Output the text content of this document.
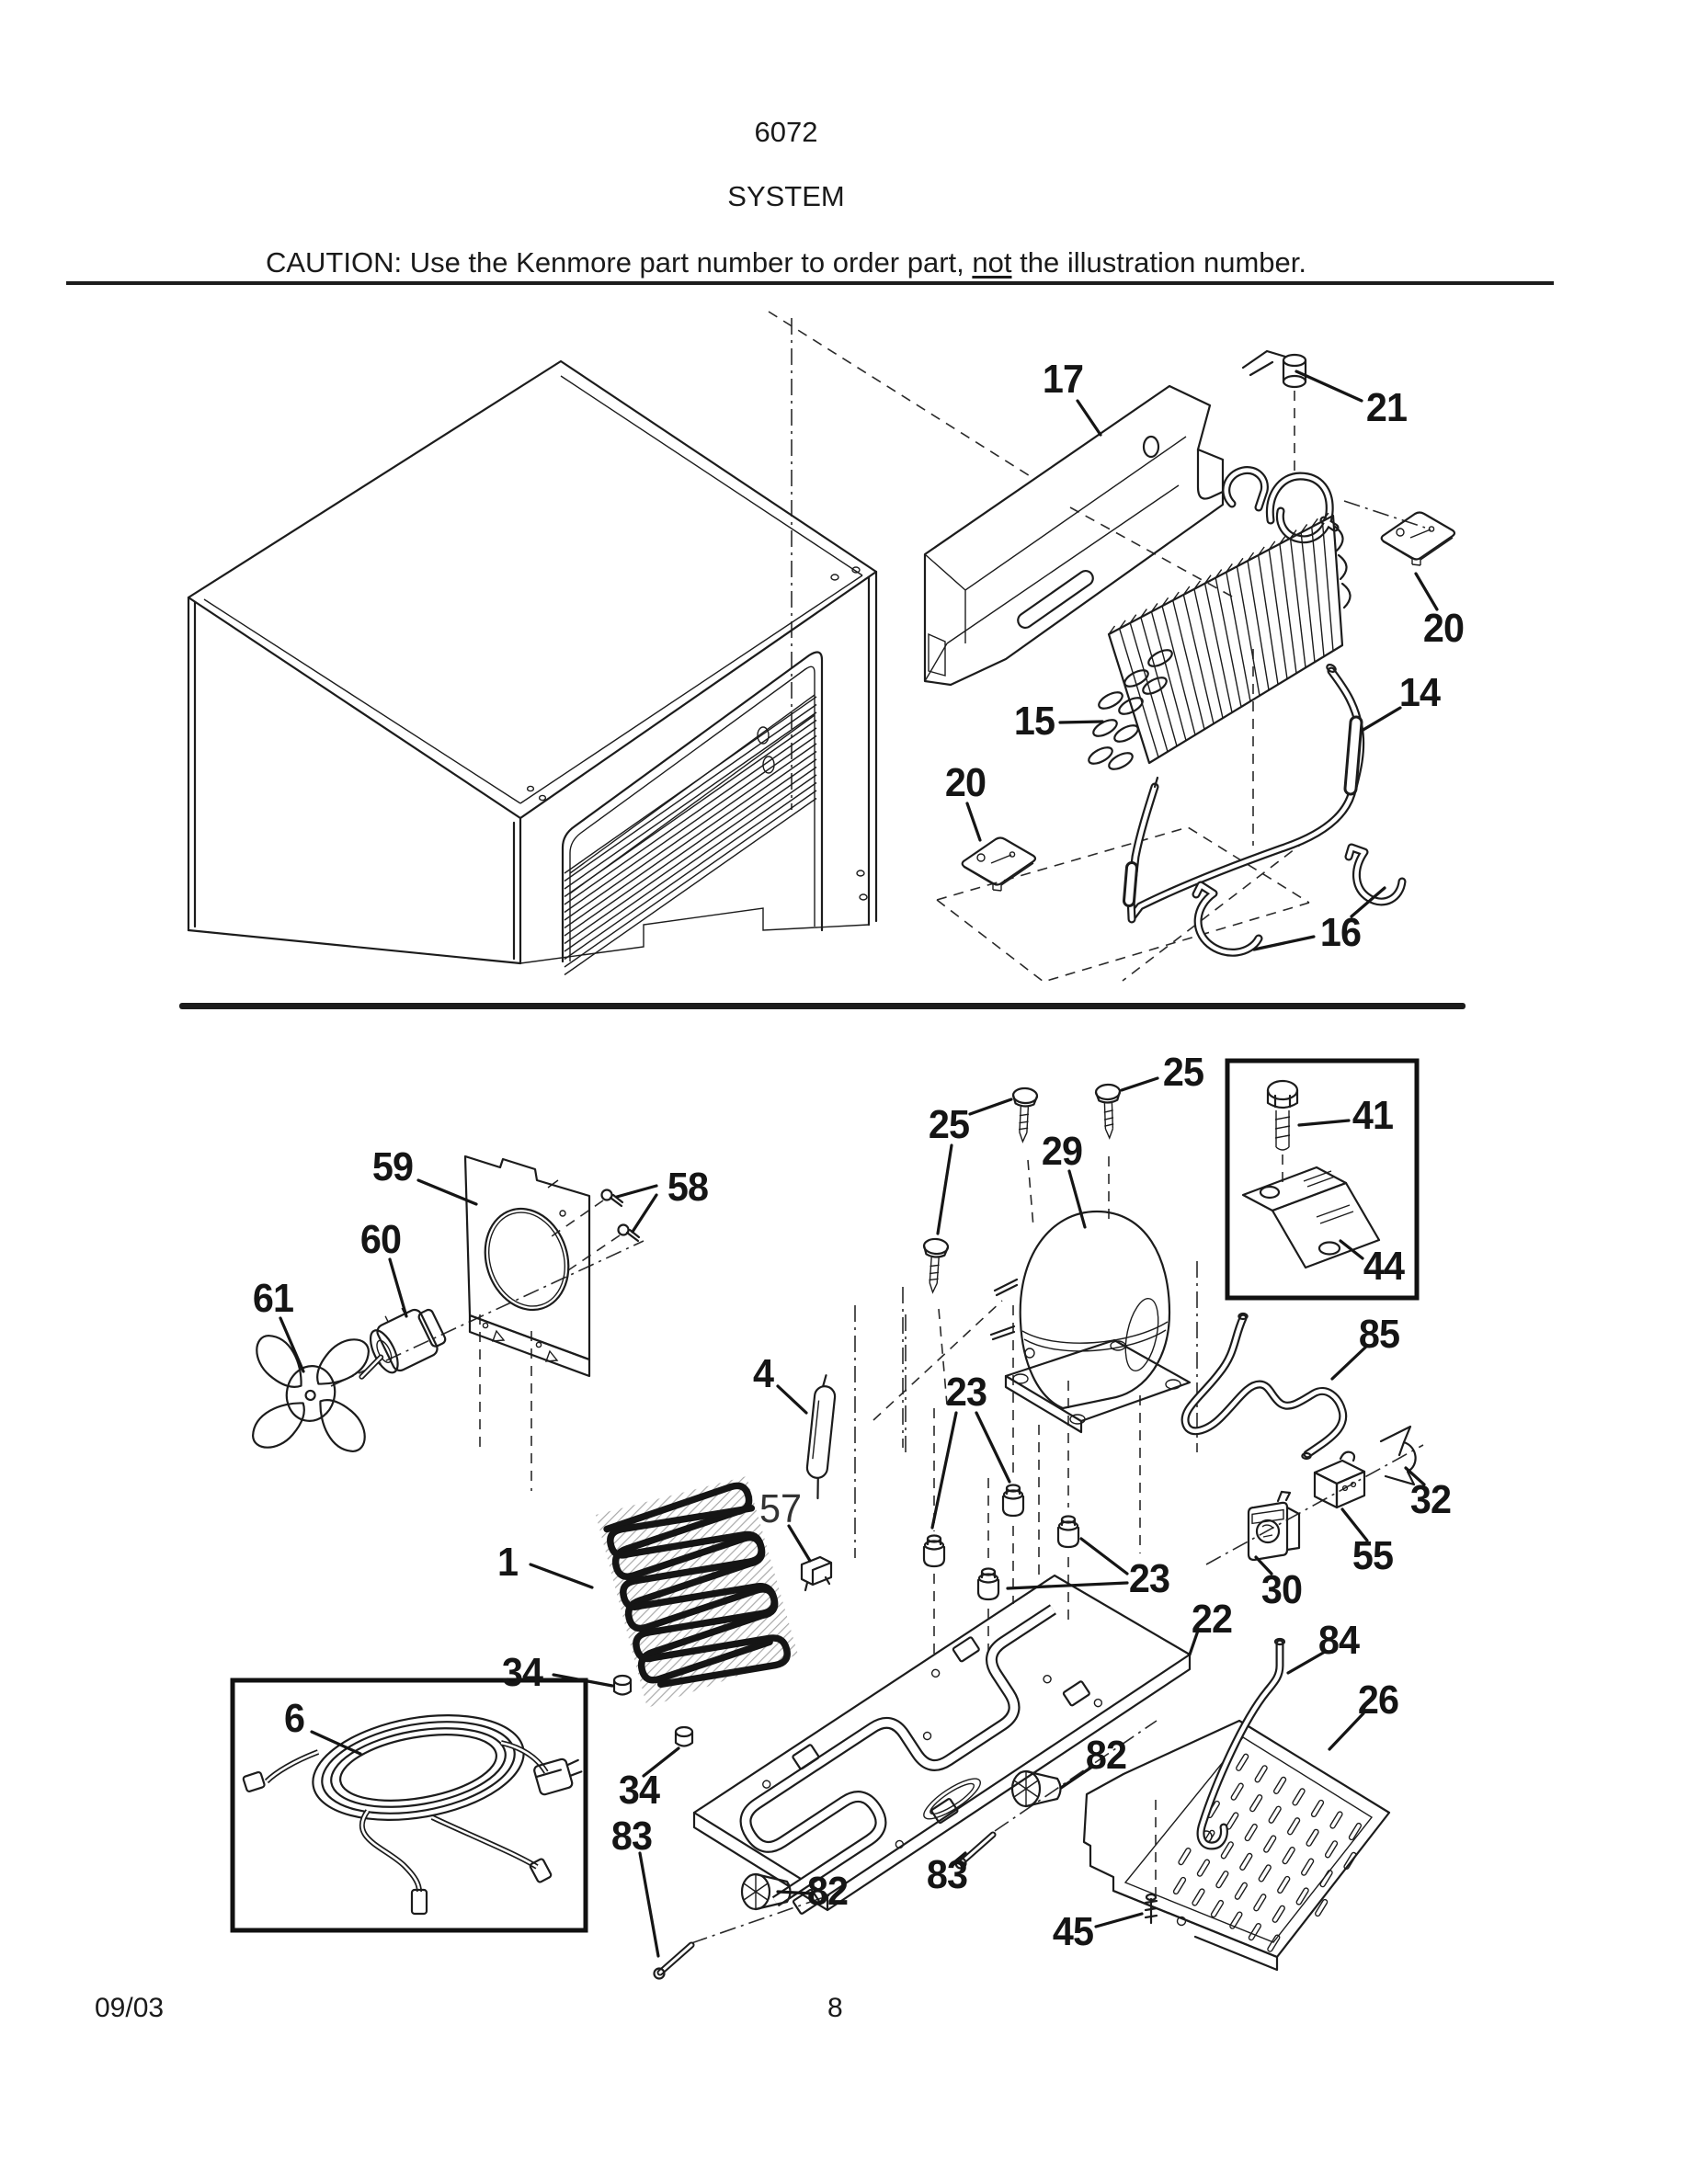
6072
SYSTEM
CAUTION: Use the Kenmore part number to order part, not the illustration number.
09/03	8
17
21
20
14
15
20
16
59	58
60
61
25
25
29
41
44
85
4	23
57
1
32
55
30
23
34
22 84
26
6
34
82
83
82
83
45
